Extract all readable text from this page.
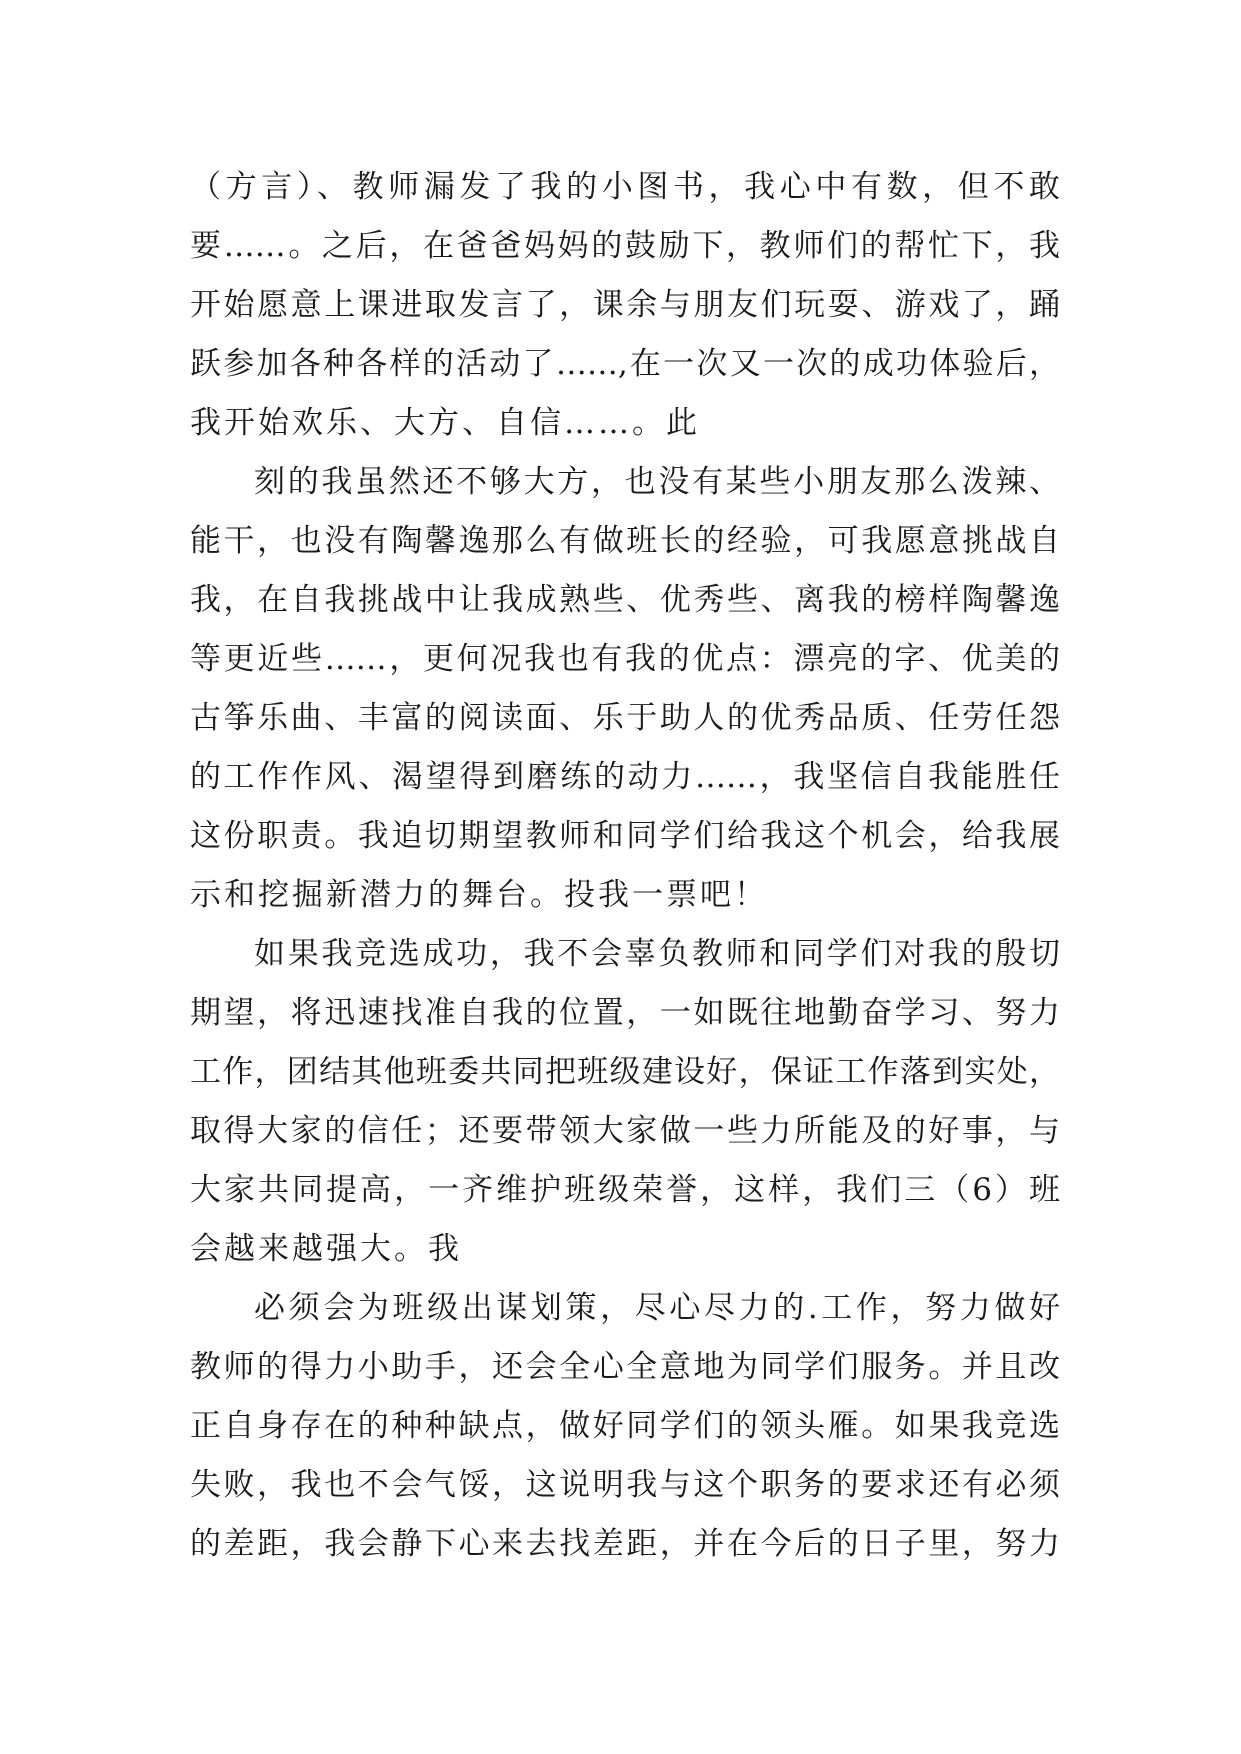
（方言）、教师漏发了我的小图书，我心中有数，但不敢
要……。之后，在爸爸妈妈的鼓励下，教师们的帮忙下，我
开始愿意上课进取发言了，课余与朋友们玩耍、游戏了，踊
跃参加各种各样的活动了……,在一次又一次的成功体验后，
我开始欢乐、大方、自信……。此
刻的我虽然还不够大方，也没有某些小朋友那么泼辣、
能干，也没有陶馨逸那么有做班长的经验，可我愿意挑战自
我，在自我挑战中让我成熟些、优秀些、离我的榜样陶馨逸
等更近些……，更何况我也有我的优点：漂亮的字、优美的
古筝乐曲、丰富的阅读面、乐于助人的优秀品质、任劳任怨
的工作作风、渴望得到磨练的动力……，我坚信自我能胜任
这份职责。我迫切期望教师和同学们给我这个机会，给我展
示和挖掘新潜力的舞台。投我一票吧！
如果我竞选成功，我不会辜负教师和同学们对我的殷切
期望，将迅速找准自我的位置，一如既往地勤奋学习、努力
工作，团结其他班委共同把班级建设好，保证工作落到实处，
取得大家的信任；还要带领大家做一些力所能及的好事，与
大家共同提高，一齐维护班级荣誉，这样，我们三（6）班
会越来越强大。我
必须会为班级出谋划策，尽心尽力的.工作，努力做好
教师的得力小助手，还会全心全意地为同学们服务。并且改
正自身存在的种种缺点，做好同学们的领头雁。如果我竞选
失败，我也不会气馁，这说明我与这个职务的要求还有必须
的差距，我会静下心来去找差距，并在今后的日子里，努力
